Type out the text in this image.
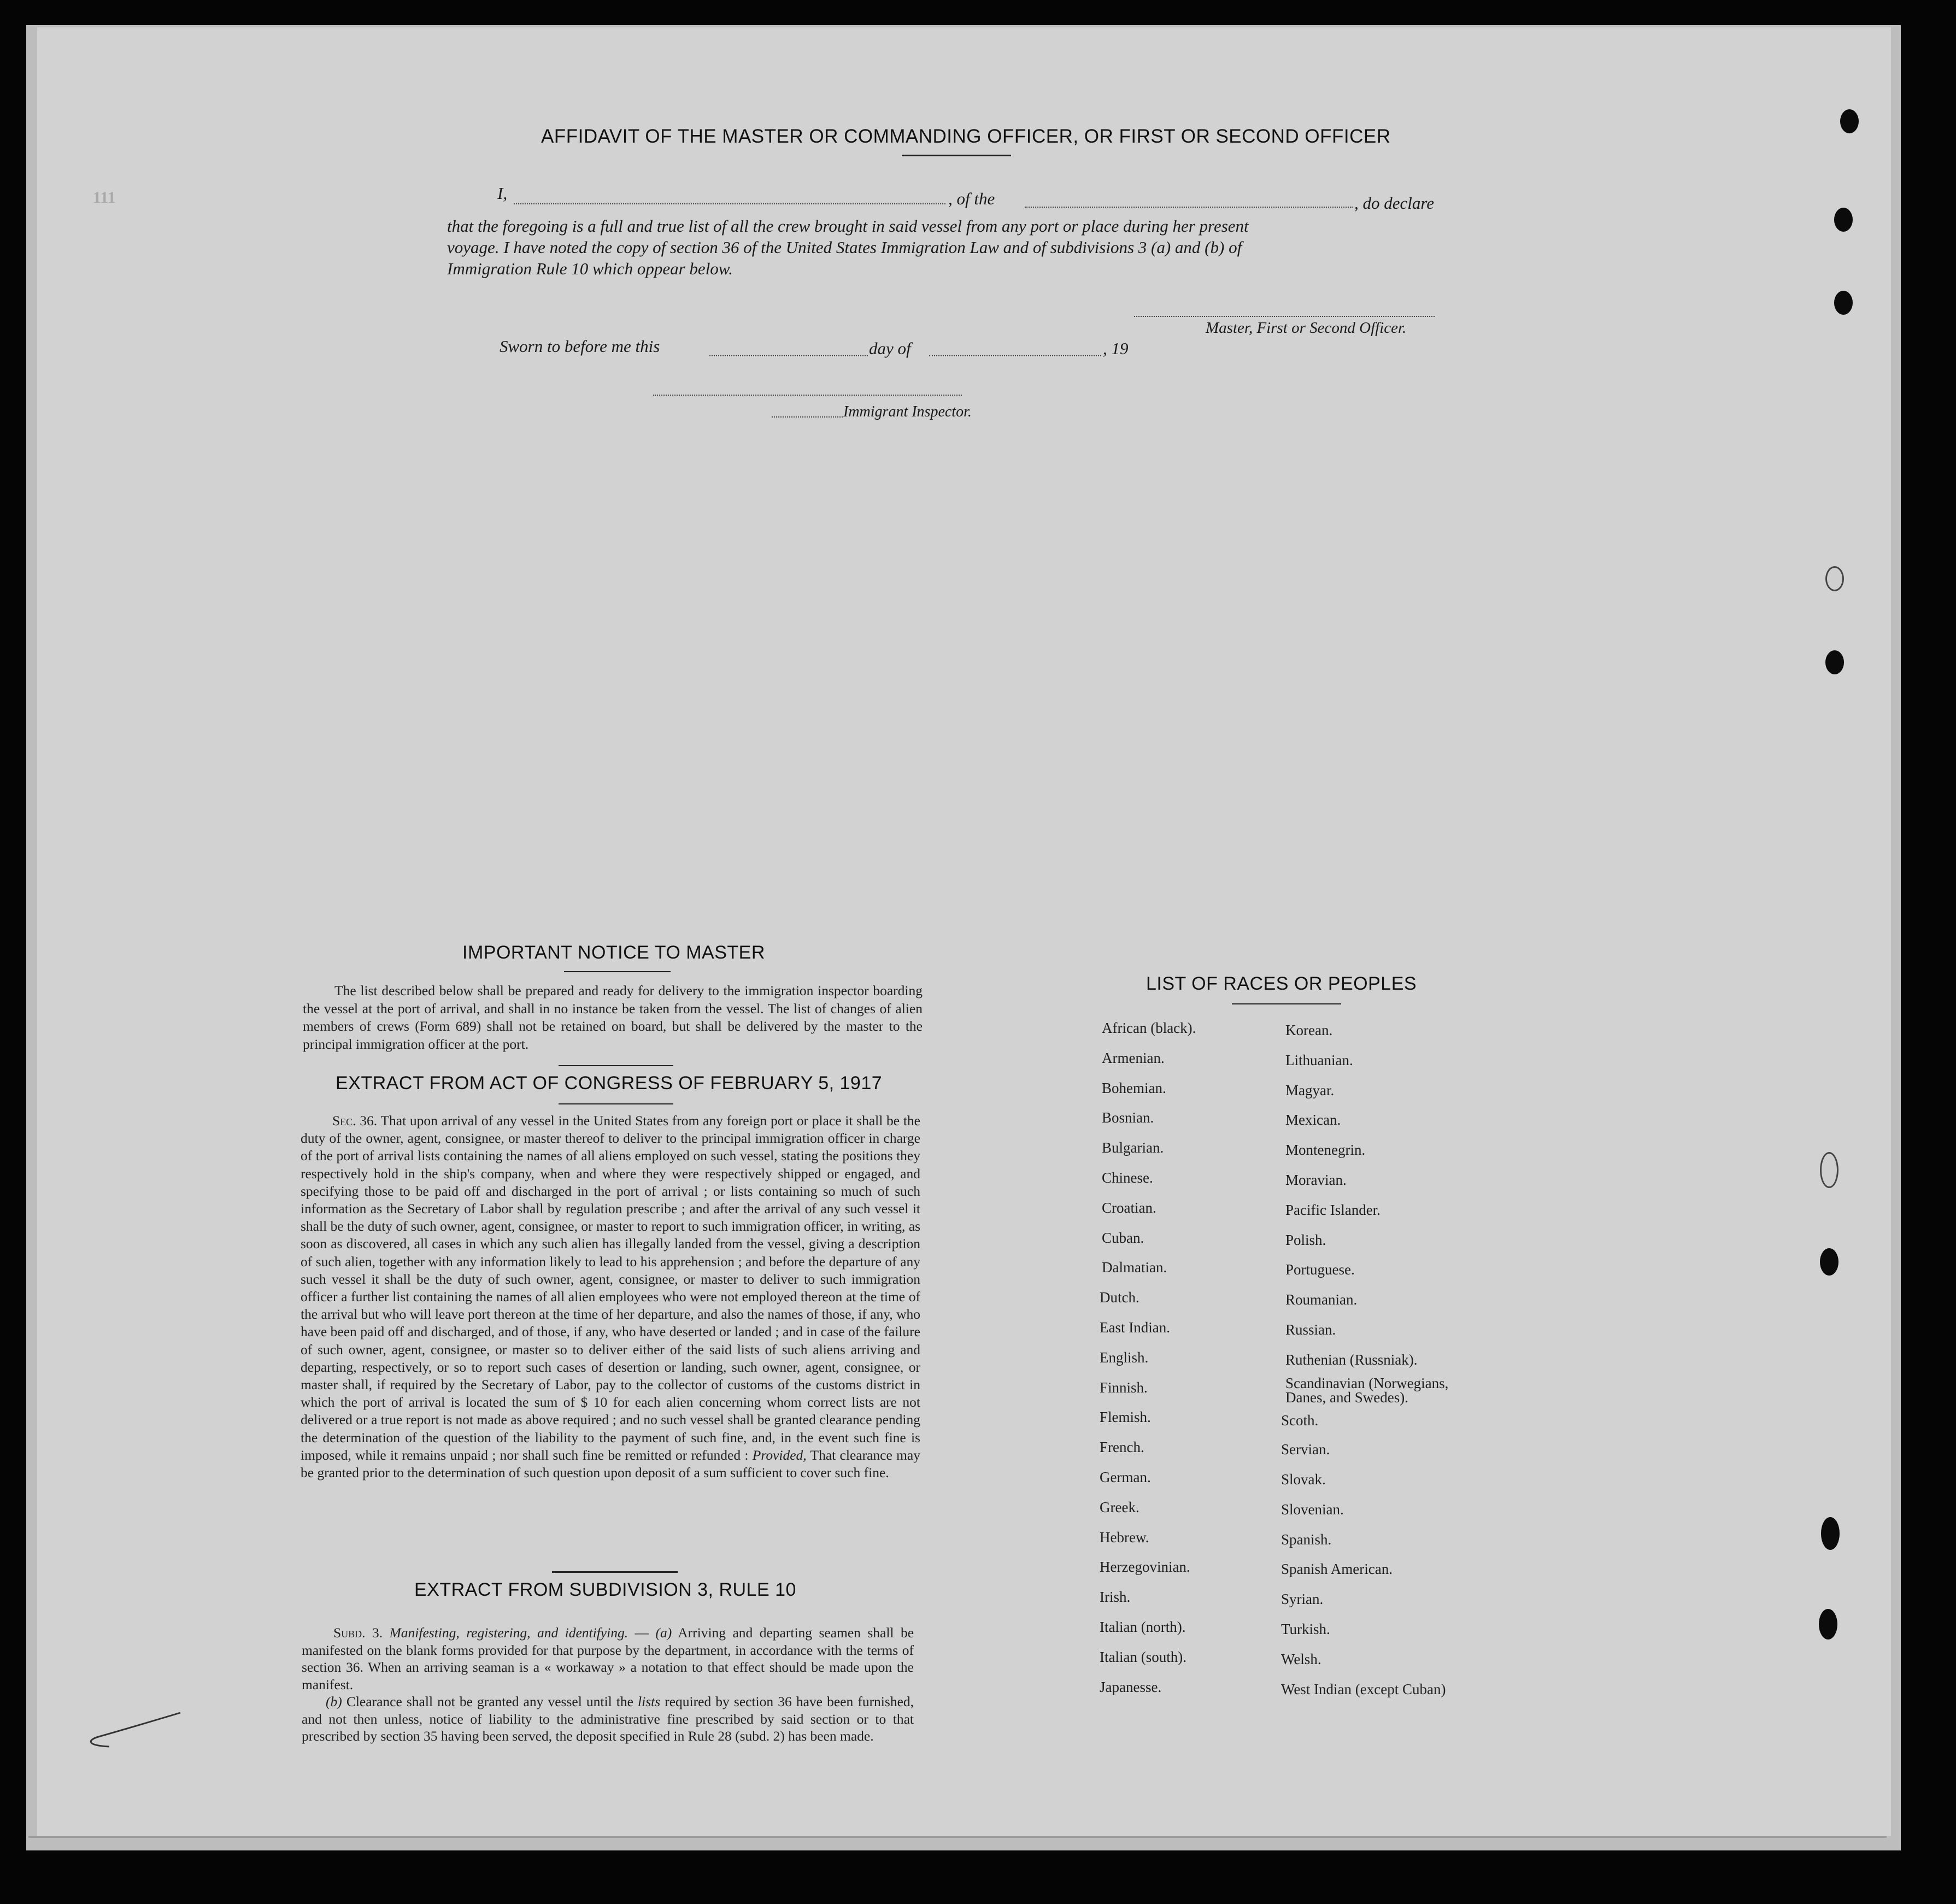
111
AFFIDAVIT OF THE MASTER OR COMMANDING OFFICER, OR FIRST OR SECOND OFFICER
I,	, of the	, do declare
that the foregoing is a full and true list of all the crew brought in said vessel from any port or place during her present
voyage. I have noted the copy of section 36 of the United States Immigration Law and of subdivisions 3 (a) and (b) of
Immigration Rule 10 which oppear below.
Master, First or Second Officer.
Sworn to before me this	day of	, 19
Immigrant Inspector.
IMPORTANT NOTICE TO MASTER

The list described below shall be prepared and ready for delivery to the immigration inspector boarding the vessel at the port of arrival, and shall in no instance be taken from the vessel. The list of changes of alien members of crews (Form 689) shall not be retained on board, but shall be delivered by the master to the principal immigration officer at the port.

EXTRACT FROM ACT OF CONGRESS OF FEBRUARY 5, 1917

Sec. 36. That upon arrival of any vessel in the United States from any foreign port or place it shall be the duty of the owner, agent, consignee, or master thereof to deliver to the principal immigration officer in charge of the port of arrival lists containing the names of all aliens employed on such vessel, stating the positions they respectively hold in the ship's company, when and where they were respectively shipped or engaged, and specifying those to be paid off and discharged in the port of arrival ; or lists containing so much of such information as the Secretary of Labor shall by regulation prescribe ; and after the arrival of any such vessel it shall be the duty of such owner, agent, consignee, or master to report to such immigration officer, in writing, as soon as discovered, all cases in which any such alien has illegally landed from the vessel, giving a description of such alien, together with any information likely to lead to his apprehension ; and before the departure of any such vessel it shall be the duty of such owner, agent, consignee, or master to deliver to such immigration officer a further list containing the names of all alien employees who were not employed thereon at the time of the arrival but who will leave port thereon at the time of her departure, and also the names of those, if any, who have been paid off and discharged, and of those, if any, who have deserted or landed ; and in case of the failure of such owner, agent, consignee, or master so to deliver either of the said lists of such aliens arriving and departing, respectively, or so to report such cases of desertion or landing, such owner, agent, consignee, or master shall, if required by the Secretary of Labor, pay to the collector of customs of the customs district in which the port of arrival is located the sum of $ 10 for each alien concerning whom correct lists are not delivered or a true report is not made as above required ; and no such vessel shall be granted clearance pending the determination of the question of the liability to the payment of such fine, and, in the event such fine is imposed, while it remains unpaid ; nor shall such fine be remitted or refunded : Provided, That clearance may be granted prior to the determination of such question upon deposit of a sum sufficient to cover such fine.

EXTRACT FROM SUBDIVISION 3, RULE 10

Subd. 3. Manifesting, registering, and identifying. — (a) Arriving and departing seamen shall be manifested on the blank forms provided for that purpose by the department, in accordance with the terms of section 36. When an arriving seaman is a « workaway » a notation to that effect should be made upon the manifest.

(b) Clearance shall not be granted any vessel until the lists required by section 36 have been furnished, and not then unless, notice of liability to the administrative fine prescribed by said section or to that prescribed by section 35 having been served, the deposit specified in Rule 28 (subd. 2) has been made.

LIST OF RACES OR PEOPLES
African (black).
Armenian.
Bohemian.
Bosnian.
Bulgarian.
Chinese.
Croatian.
Cuban.
Dalmatian.
Dutch.
East Indian.
English.
Finnish.
Flemish.
French.
German.
Greek.
Hebrew.
Herzegovinian.
Irish.
Italian (north).
Italian (south).
Japanesse.
Korean.
Lithuanian.
Magyar.
Mexican.
Montenegrin.
Moravian.
Pacific Islander.
Polish.
Portuguese.
Roumanian.
Russian.
Ruthenian (Russniak).
Scandinavian (Norwegians, Danes, and Swedes).
Scoth.
Servian.
Slovak.
Slovenian.
Spanish.
Spanish American.
Syrian.
Turkish.
Welsh.
West Indian (except Cuban)
